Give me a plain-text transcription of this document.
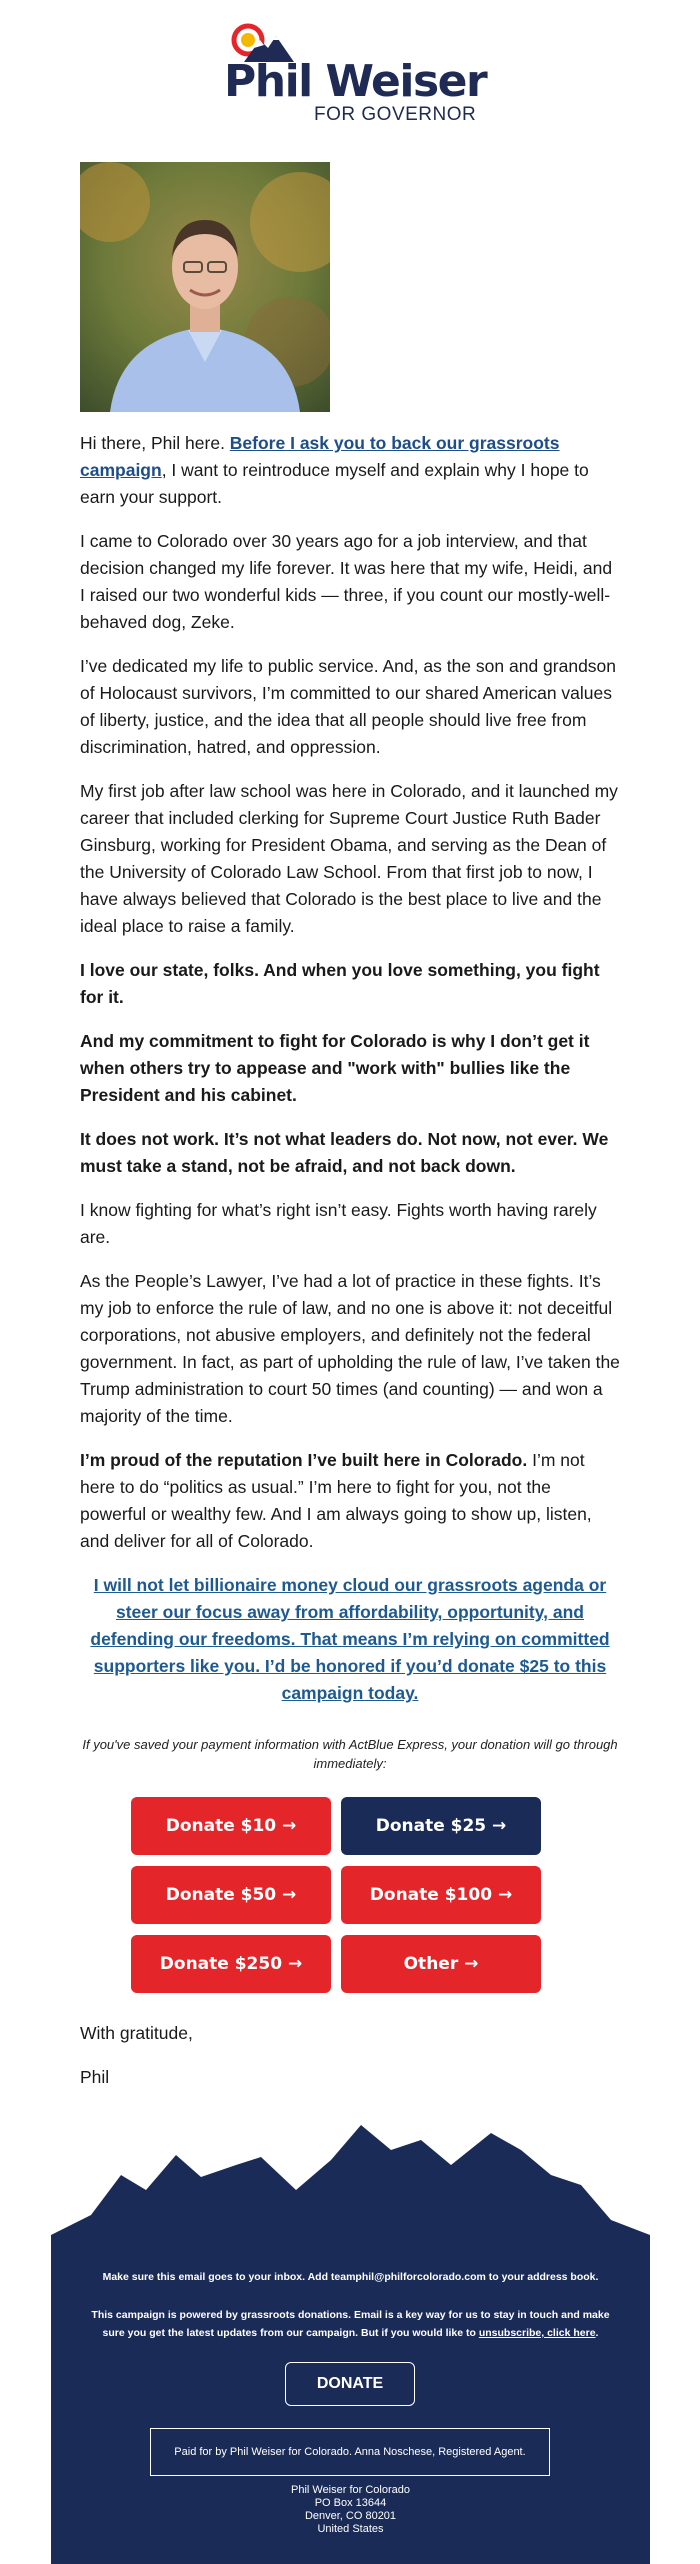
Phil Weiser
FOR GOVERNOR

Hi there, Phil here. Before I ask you to back our grassroots campaign, I want to reintroduce myself and explain why I hope to earn your support.

I came to Colorado over 30 years ago for a job interview, and that decision changed my life forever. It was here that my wife, Heidi, and I raised our two wonderful kids — three, if you count our mostly-well-behaved dog, Zeke.

I’ve dedicated my life to public service. And, as the son and grandson of Holocaust survivors, I’m committed to our shared American values of liberty, justice, and the idea that all people should live free from discrimination, hatred, and oppression.

My first job after law school was here in Colorado, and it launched my career that included clerking for Supreme Court Justice Ruth Bader Ginsburg, working for President Obama, and serving as the Dean of the University of Colorado Law School. From that first job to now, I have always believed that Colorado is the best place to live and the ideal place to raise a family.

I love our state, folks. And when you love something, you fight for it.

And my commitment to fight for Colorado is why I don’t get it when others try to appease and "work with" bullies like the President and his cabinet.

It does not work. It’s not what leaders do. Not now, not ever. We must take a stand, not be afraid, and not back down.

I know fighting for what’s right isn’t easy. Fights worth having rarely are.

As the People’s Lawyer, I’ve had a lot of practice in these fights. It’s my job to enforce the rule of law, and no one is above it: not deceitful corporations, not abusive employers, and definitely not the federal government. In fact, as part of upholding the rule of law, I’ve taken the Trump administration to court 50 times (and counting) — and won a majority of the time.

I’m proud of the reputation I’ve built here in Colorado. I’m not here to do “politics as usual.” I’m here to fight for you, not the powerful or wealthy few. And I am always going to show up, listen, and deliver for all of Colorado.

I will not let billionaire money cloud our grassroots agenda or steer our focus away from affordability, opportunity, and defending our freedoms. That means I’m relying on committed supporters like you. I’d be honored if you’d donate $25 to this campaign today.

If you've saved your payment information with ActBlue Express, your donation will go through immediately:
Donate $10 →	Donate $25 →
Donate $50 →	Donate $100 →
Donate $250 →	Other →

With gratitude,

Phil

Make sure this email goes to your inbox. Add teamphil@philforcolorado.com to your address book.
This campaign is powered by grassroots donations. Email is a key way for us to stay in touch and make sure you get the latest updates from our campaign. But if you would like to unsubscribe, click here.
DONATE
Paid for by Phil Weiser for Colorado. Anna Noschese, Registered Agent.
Phil Weiser for Colorado
PO Box 13644
Denver, CO 80201
United States
